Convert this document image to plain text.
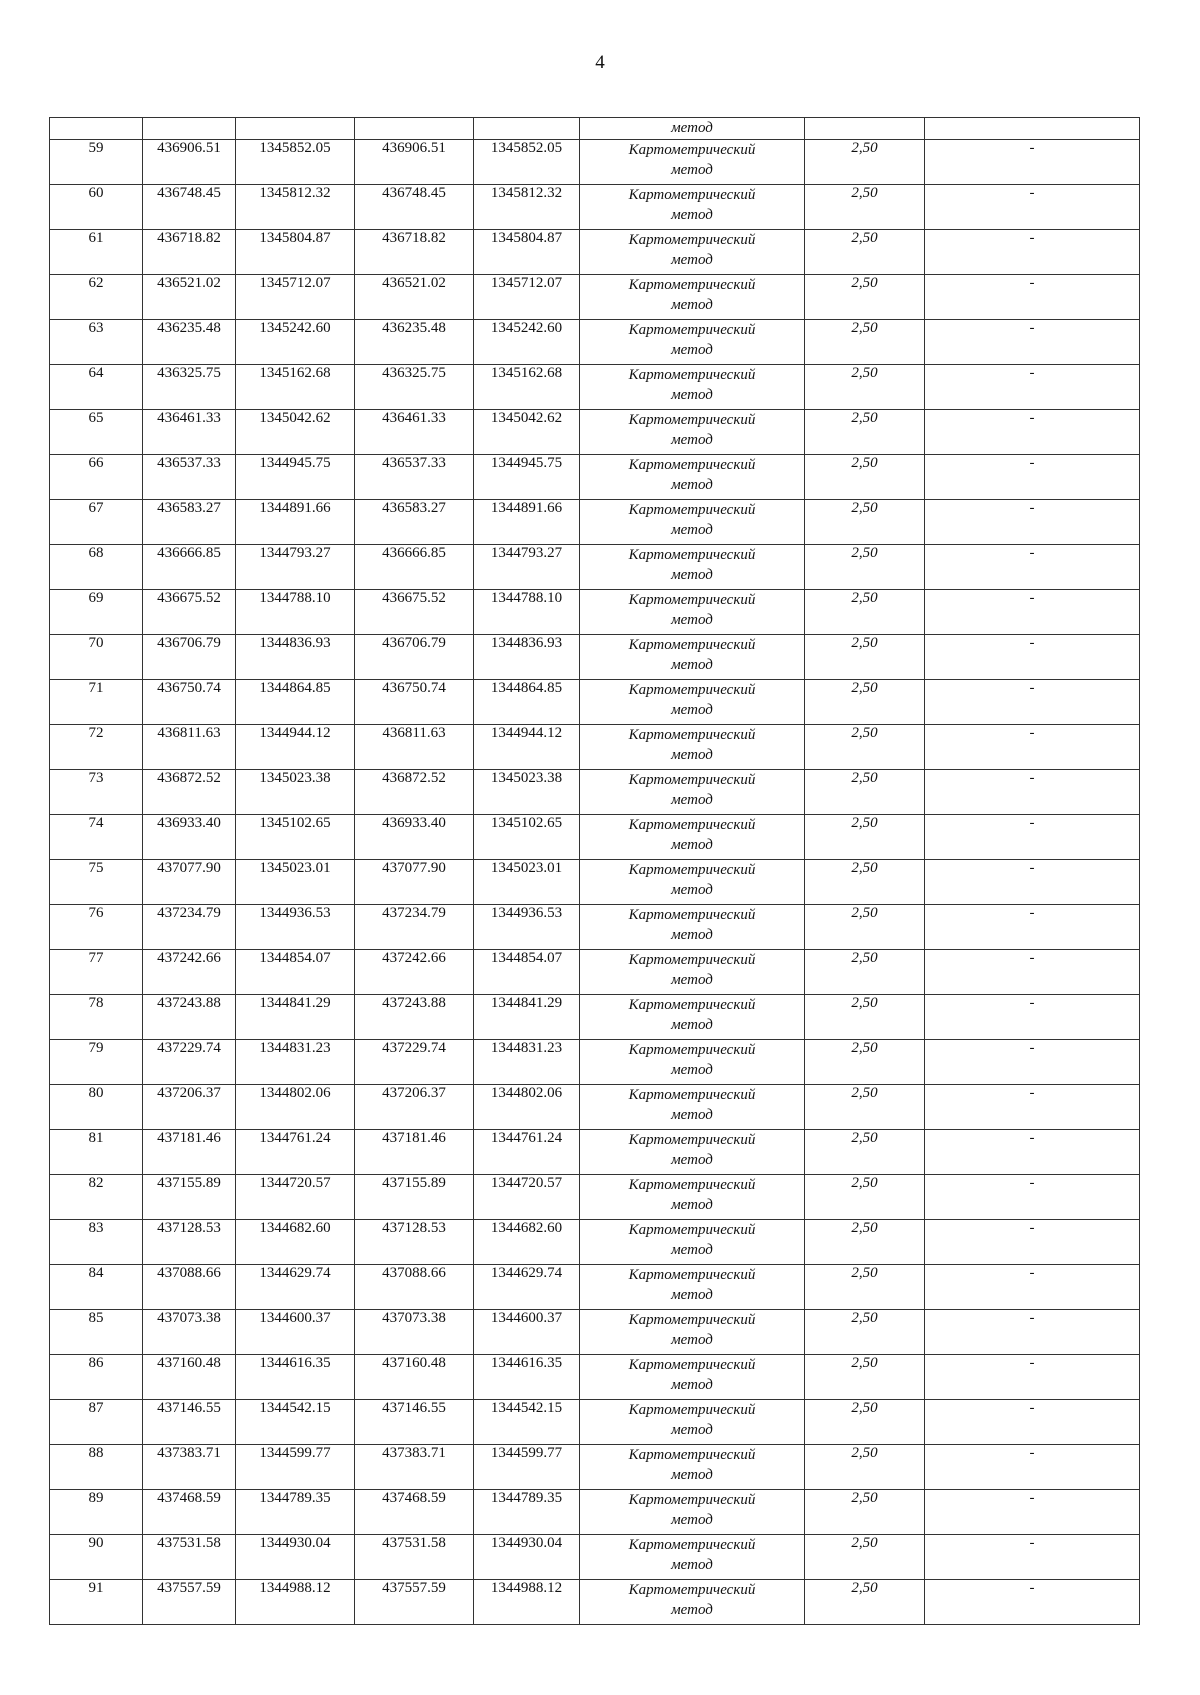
4
					метод		
59	436906.51	1345852.05	436906.51	1345852.05	Картометрический
метод	2,50	-
60	436748.45	1345812.32	436748.45	1345812.32	Картометрический
метод	2,50	-
61	436718.82	1345804.87	436718.82	1345804.87	Картометрический
метод	2,50	-
62	436521.02	1345712.07	436521.02	1345712.07	Картометрический
метод	2,50	-
63	436235.48	1345242.60	436235.48	1345242.60	Картометрический
метод	2,50	-
64	436325.75	1345162.68	436325.75	1345162.68	Картометрический
метод	2,50	-
65	436461.33	1345042.62	436461.33	1345042.62	Картометрический
метод	2,50	-
66	436537.33	1344945.75	436537.33	1344945.75	Картометрический
метод	2,50	-
67	436583.27	1344891.66	436583.27	1344891.66	Картометрический
метод	2,50	-
68	436666.85	1344793.27	436666.85	1344793.27	Картометрический
метод	2,50	-
69	436675.52	1344788.10	436675.52	1344788.10	Картометрический
метод	2,50	-
70	436706.79	1344836.93	436706.79	1344836.93	Картометрический
метод	2,50	-
71	436750.74	1344864.85	436750.74	1344864.85	Картометрический
метод	2,50	-
72	436811.63	1344944.12	436811.63	1344944.12	Картометрический
метод	2,50	-
73	436872.52	1345023.38	436872.52	1345023.38	Картометрический
метод	2,50	-
74	436933.40	1345102.65	436933.40	1345102.65	Картометрический
метод	2,50	-
75	437077.90	1345023.01	437077.90	1345023.01	Картометрический
метод	2,50	-
76	437234.79	1344936.53	437234.79	1344936.53	Картометрический
метод	2,50	-
77	437242.66	1344854.07	437242.66	1344854.07	Картометрический
метод	2,50	-
78	437243.88	1344841.29	437243.88	1344841.29	Картометрический
метод	2,50	-
79	437229.74	1344831.23	437229.74	1344831.23	Картометрический
метод	2,50	-
80	437206.37	1344802.06	437206.37	1344802.06	Картометрический
метод	2,50	-
81	437181.46	1344761.24	437181.46	1344761.24	Картометрический
метод	2,50	-
82	437155.89	1344720.57	437155.89	1344720.57	Картометрический
метод	2,50	-
83	437128.53	1344682.60	437128.53	1344682.60	Картометрический
метод	2,50	-
84	437088.66	1344629.74	437088.66	1344629.74	Картометрический
метод	2,50	-
85	437073.38	1344600.37	437073.38	1344600.37	Картометрический
метод	2,50	-
86	437160.48	1344616.35	437160.48	1344616.35	Картометрический
метод	2,50	-
87	437146.55	1344542.15	437146.55	1344542.15	Картометрический
метод	2,50	-
88	437383.71	1344599.77	437383.71	1344599.77	Картометрический
метод	2,50	-
89	437468.59	1344789.35	437468.59	1344789.35	Картометрический
метод	2,50	-
90	437531.58	1344930.04	437531.58	1344930.04	Картометрический
метод	2,50	-
91	437557.59	1344988.12	437557.59	1344988.12	Картометрический
метод	2,50	-
